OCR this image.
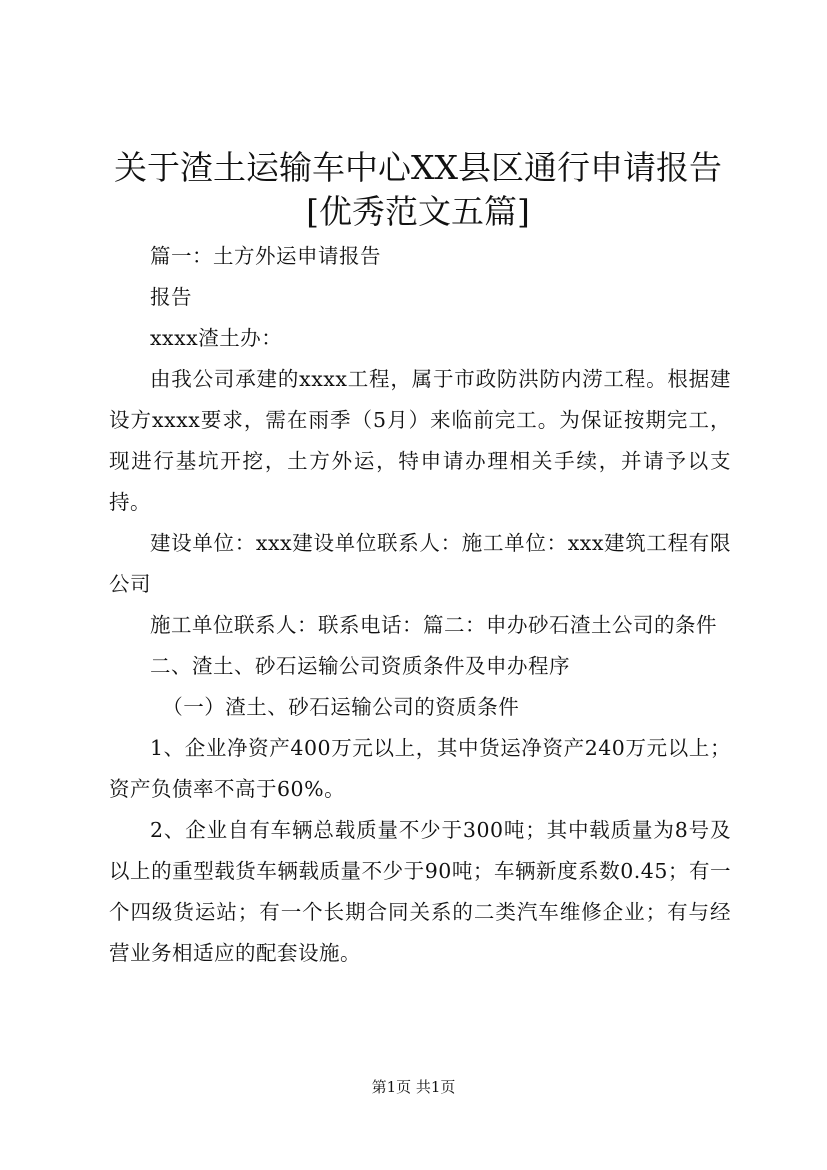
关于渣土运输车中心XX县区通行申请报告[优秀范文五篇]

篇一：土方外运申请报告

报告

xxxx渣土办：

由我公司承建的xxxx工程，属于市政防洪防内涝工程。根据建设方xxxx要求，需在雨季（5月）来临前完工。为保证按期完工，现进行基坑开挖，土方外运，特申请办理相关手续，并请予以支持。

建设单位：xxx建设单位联系人：施工单位：xxx建筑工程有限公司

施工单位联系人：联系电话：篇二：申办砂石渣土公司的条件

二、渣土、砂石运输公司资质条件及申办程序

（一）渣土、砂石运输公司的资质条件

1、企业净资产400万元以上，其中货运净资产240万元以上；资产负债率不高于60%。

2、企业自有车辆总载质量不少于300吨；其中载质量为8号及以上的重型载货车辆载质量不少于90吨；车辆新度系数0.45；有一个四级货运站；有一个长期合同关系的二类汽车维修企业；有与经营业务相适应的配套设施。

第1页 共1页
